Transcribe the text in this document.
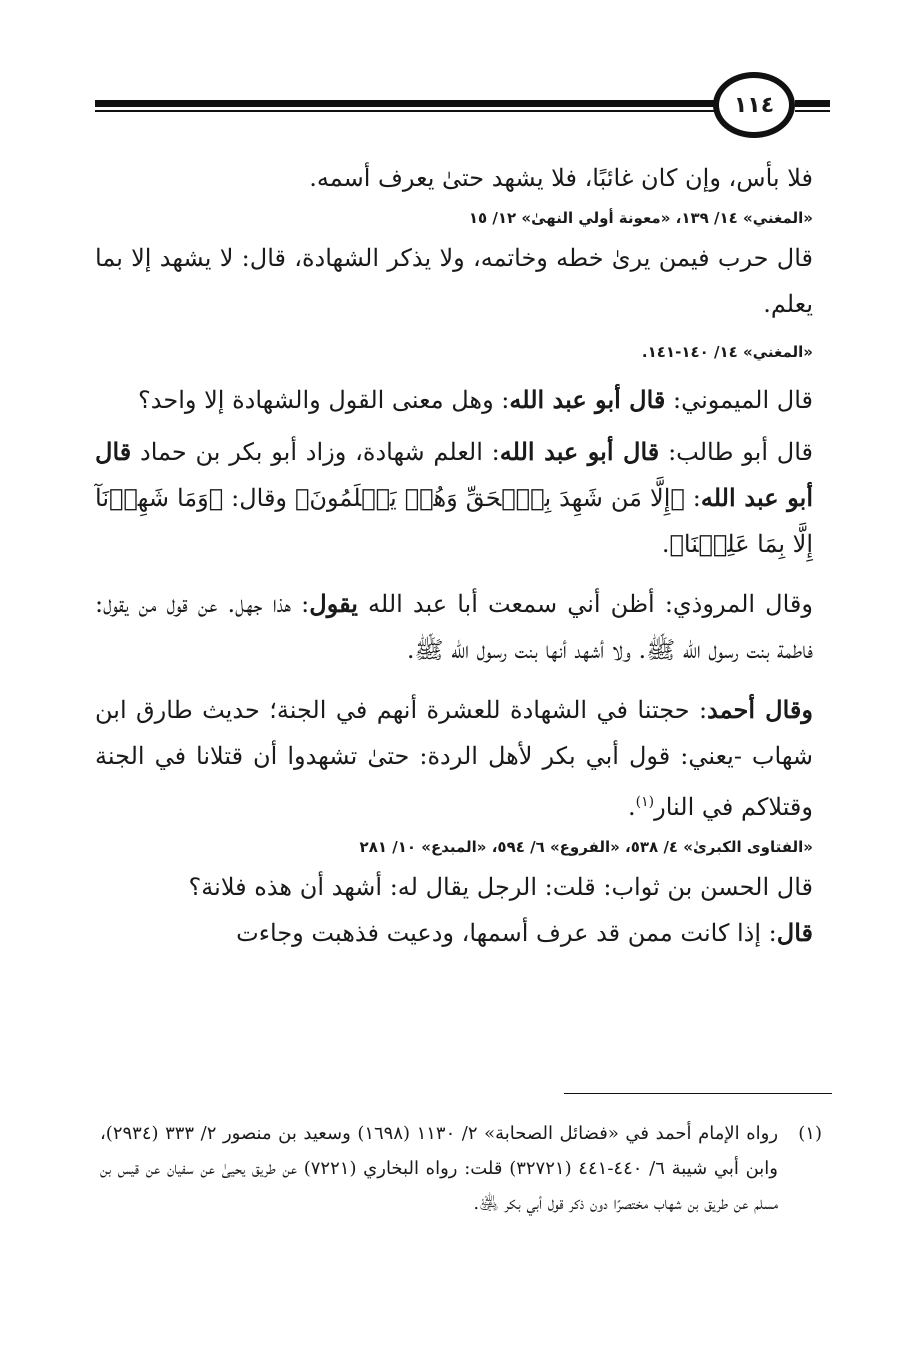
١١٤

فلا بأس، وإن كان غائبًا، فلا يشهد حتىٰ يعرف أسمه.

«المغني» ١٤/ ١٣٩، «معونة أولي النهىٰ» ١٢/ ١٥

قال حرب فيمن يرىٰ خطه وخاتمه، ولا يذكر الشهادة، قال: لا يشهد إلا بما يعلم.

«المغني» ١٤/ ١٤٠-١٤١.

قال الميموني: قال أبو عبد الله: وهل معنى القول والشهادة إلا واحد؟

قال أبو طالب: قال أبو عبد الله: العلم شهادة، وزاد أبو بكر بن حماد قال أبو عبد الله: ﴿إِلَّا مَن شَهِدَ بِٱلۡحَقِّ وَهُمۡ يَعۡلَمُونَ﴾ وقال: ﴿وَمَا شَهِدۡنَآ إِلَّا بِمَا عَلِمۡنَا﴾.

وقال المروذي: أظن أني سمعت أبا عبد الله يقول: هذا جهل. عن قول من يقول: فاطمة بنت رسول الله ﷺ. ولا أشهد أنها بنت رسول الله ﷺ.

وقال أحمد: حجتنا في الشهادة للعشرة أنهم في الجنة؛ حديث طارق ابن شهاب -يعني: قول أبي بكر لأهل الردة: حتىٰ تشهدوا أن قتلانا في الجنة وقتلاكم في النار$^{(١)}$.

«الفتاوى الكبرىٰ» ٤/ ٥٣٨، «الفروع» ٦/ ٥٩٤، «المبدع» ١٠/ ٢٨١

قال الحسن بن ثواب: قلت: الرجل يقال له: أشهد أن هذه فلانة؟

قال: إذا كانت ممن قد عرف أسمها، ودعيت فذهبت وجاءت

(١)
رواه الإمام أحمد في «فضائل الصحابة» ٢/ ١١٣٠ (١٦٩٨) وسعيد بن منصور ٢/ ٣٣٣ (٢٩٣٤)، وابن أبي شيبة ٦/ ٤٤٠-٤٤١ (٣٢٧٢١) قلت: رواه البخاري (٧٢٢١) عن طريق يحيىٰ عن سفيان عن قيس بن مسلم عن طريق بن شهاب مختصرًا دون ذكر قول أبي بكر ﵁.
